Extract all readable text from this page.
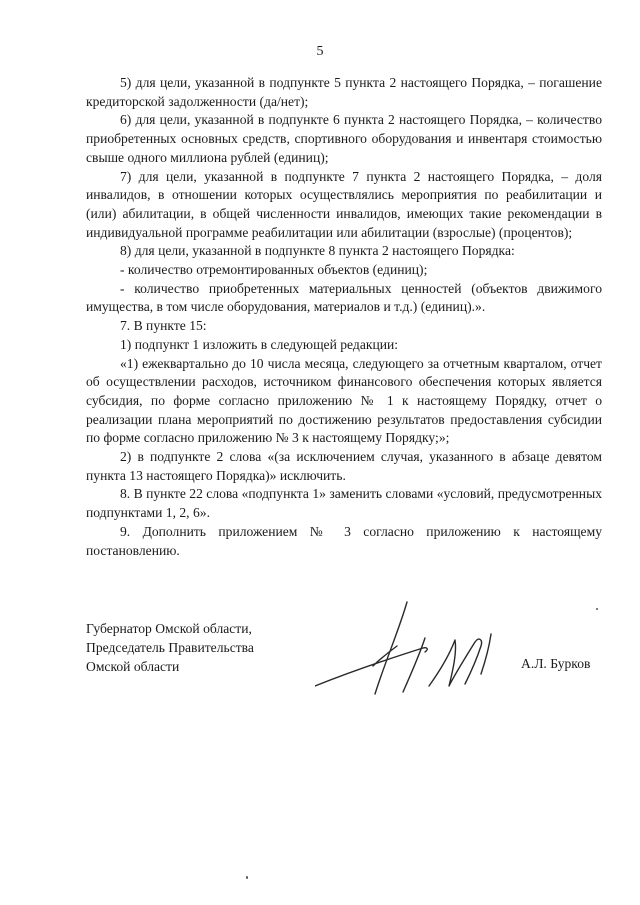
5

5) для цели, указанной в подпункте 5 пункта 2 настоящего Порядка, – погашение кредиторской задолженности (да/нет);

6) для цели, указанной в подпункте 6 пункта 2 настоящего Порядка, – количество приобретенных основных средств, спортивного оборудования и инвентаря стоимостью свыше одного миллиона рублей (единиц);

7) для цели, указанной в подпункте 7 пункта 2 настоящего Порядка, – доля инвалидов, в отношении которых осуществлялись мероприятия по реабилитации и (или) абилитации, в общей численности инвалидов, имеющих такие рекомендации в индивидуальной программе реабилитации или абилитации (взрослые) (процентов);

8) для цели, указанной в подпункте 8 пункта 2 настоящего Порядка:

- количество отремонтированных объектов (единиц);

- количество приобретенных материальных ценностей (объектов движимого имущества, в том числе оборудования, материалов и т.д.) (единиц).».

7. В пункте 15:

1) подпункт 1 изложить в следующей редакции:

«1) ежеквартально до 10 числа месяца, следующего за отчетным кварталом, отчет об осуществлении расходов, источником финансового обеспечения которых является субсидия, по форме согласно приложению № 1 к настоящему Порядку, отчет о реализации плана мероприятий по достижению результатов предоставления субсидии по форме согласно приложению № 3 к настоящему Порядку;»;

2) в подпункте 2 слова «(за исключением случая, указанного в абзаце девятом пункта 13 настоящего Порядка)» исключить.

8. В пункте 22 слова «подпункта 1» заменить словами «условий, предусмотренных подпунктами 1, 2, 6».

9. Дополнить приложением № 3 согласно приложению к настоящему постановлению.

Губернатор Омской области,
Председатель Правительства
Омской области	А.Л. Бурков
